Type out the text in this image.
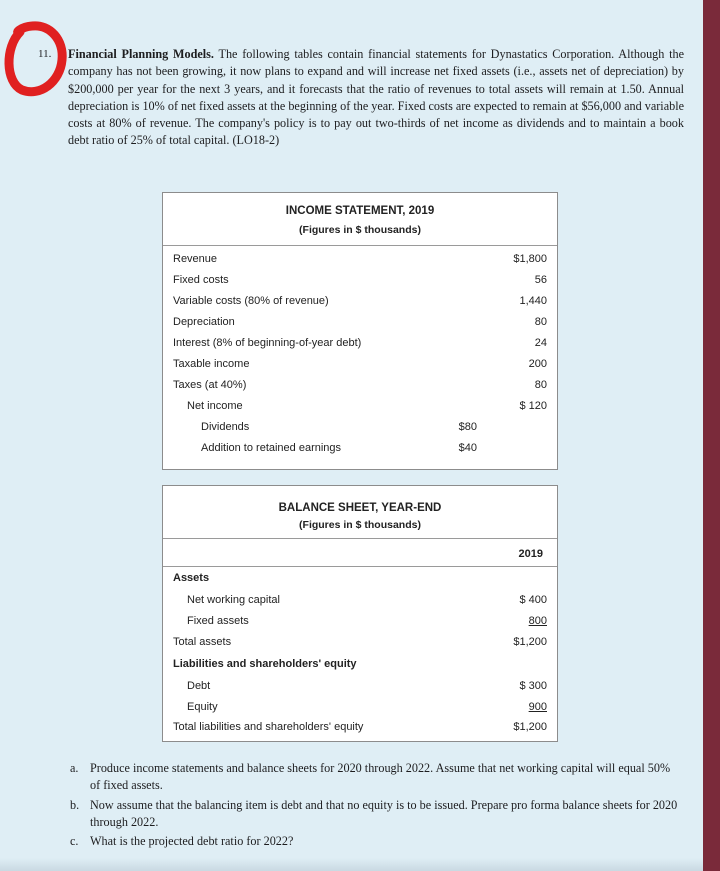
11. Financial Planning Models. The following tables contain financial statements for Dynastatics Corporation. Although the company has not been growing, it now plans to expand and will increase net fixed assets (i.e., assets net of depreciation) by $200,000 per year for the next 3 years, and it forecasts that the ratio of revenues to total assets will remain at 1.50. Annual depreciation is 10% of net fixed assets at the beginning of the year. Fixed costs are expected to remain at $56,000 and variable costs at 80% of revenue. The company's policy is to pay out two-thirds of net income as dividends and to maintain a book debt ratio of 25% of total capital. (LO18-2)
INCOME STATEMENT, 2019
(Figures in $ thousands)
Revenue	$1,800
Fixed costs	56
Variable costs (80% of revenue)	1,440
Depreciation	80
Interest (8% of beginning-of-year debt)	24
Taxable income	200
Taxes (at 40%)	80
Net income	$ 120
Dividends	$80
Addition to retained earnings	$40
BALANCE SHEET, YEAR-END
(Figures in $ thousands)
2019
Assets
Net working capital	$ 400
Fixed assets	800
Total assets	$1,200
Liabilities and shareholders' equity
Debt	$ 300
Equity	900
Total liabilities and shareholders' equity	$1,200
a. Produce income statements and balance sheets for 2020 through 2022. Assume that net working capital will equal 50% of fixed assets.
b. Now assume that the balancing item is debt and that no equity is to be issued. Prepare pro forma balance sheets for 2020 through 2022.
c. What is the projected debt ratio for 2022?
